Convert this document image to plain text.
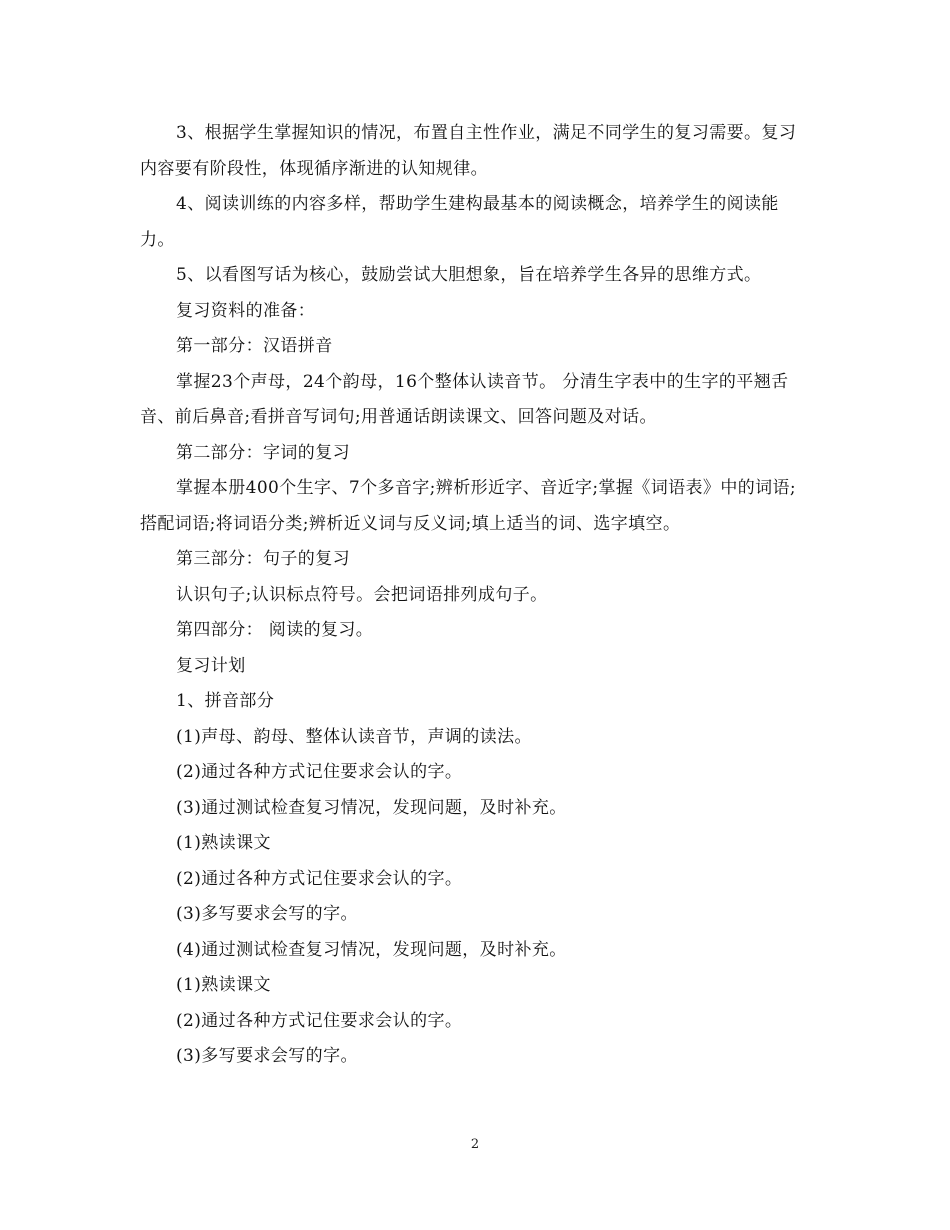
3、根据学生掌握知识的情况，布置自主性作业，满足不同学生的复习需要。复习内容要有阶段性，体现循序渐进的认知规律。

4、阅读训练的内容多样，帮助学生建构最基本的阅读概念，培养学生的阅读能力。

5、以看图写话为核心，鼓励尝试大胆想象，旨在培养学生各异的思维方式。

复习资料的准备：

第一部分：汉语拼音

掌握23个声母，24个韵母，16个整体认读音节。 分清生字表中的生字的平翘舌音、前后鼻音;看拼音写词句;用普通话朗读课文、回答问题及对话。

第二部分：字词的复习

掌握本册400个生字、7个多音字;辨析形近字、音近字;掌握《词语表》中的词语;搭配词语;将词语分类;辨析近义词与反义词;填上适当的词、选字填空。

第三部分：句子的复习

认识句子;认识标点符号。会把词语排列成句子。

第四部分： 阅读的复习。

复习计划

1、拼音部分

(1)声母、韵母、整体认读音节，声调的读法。

(2)通过各种方式记住要求会认的字。

(3)通过测试检查复习情况，发现问题，及时补充。

(1)熟读课文

(2)通过各种方式记住要求会认的字。

(3)多写要求会写的字。

(4)通过测试检查复习情况，发现问题，及时补充。

(1)熟读课文

(2)通过各种方式记住要求会认的字。

(3)多写要求会写的字。

2
